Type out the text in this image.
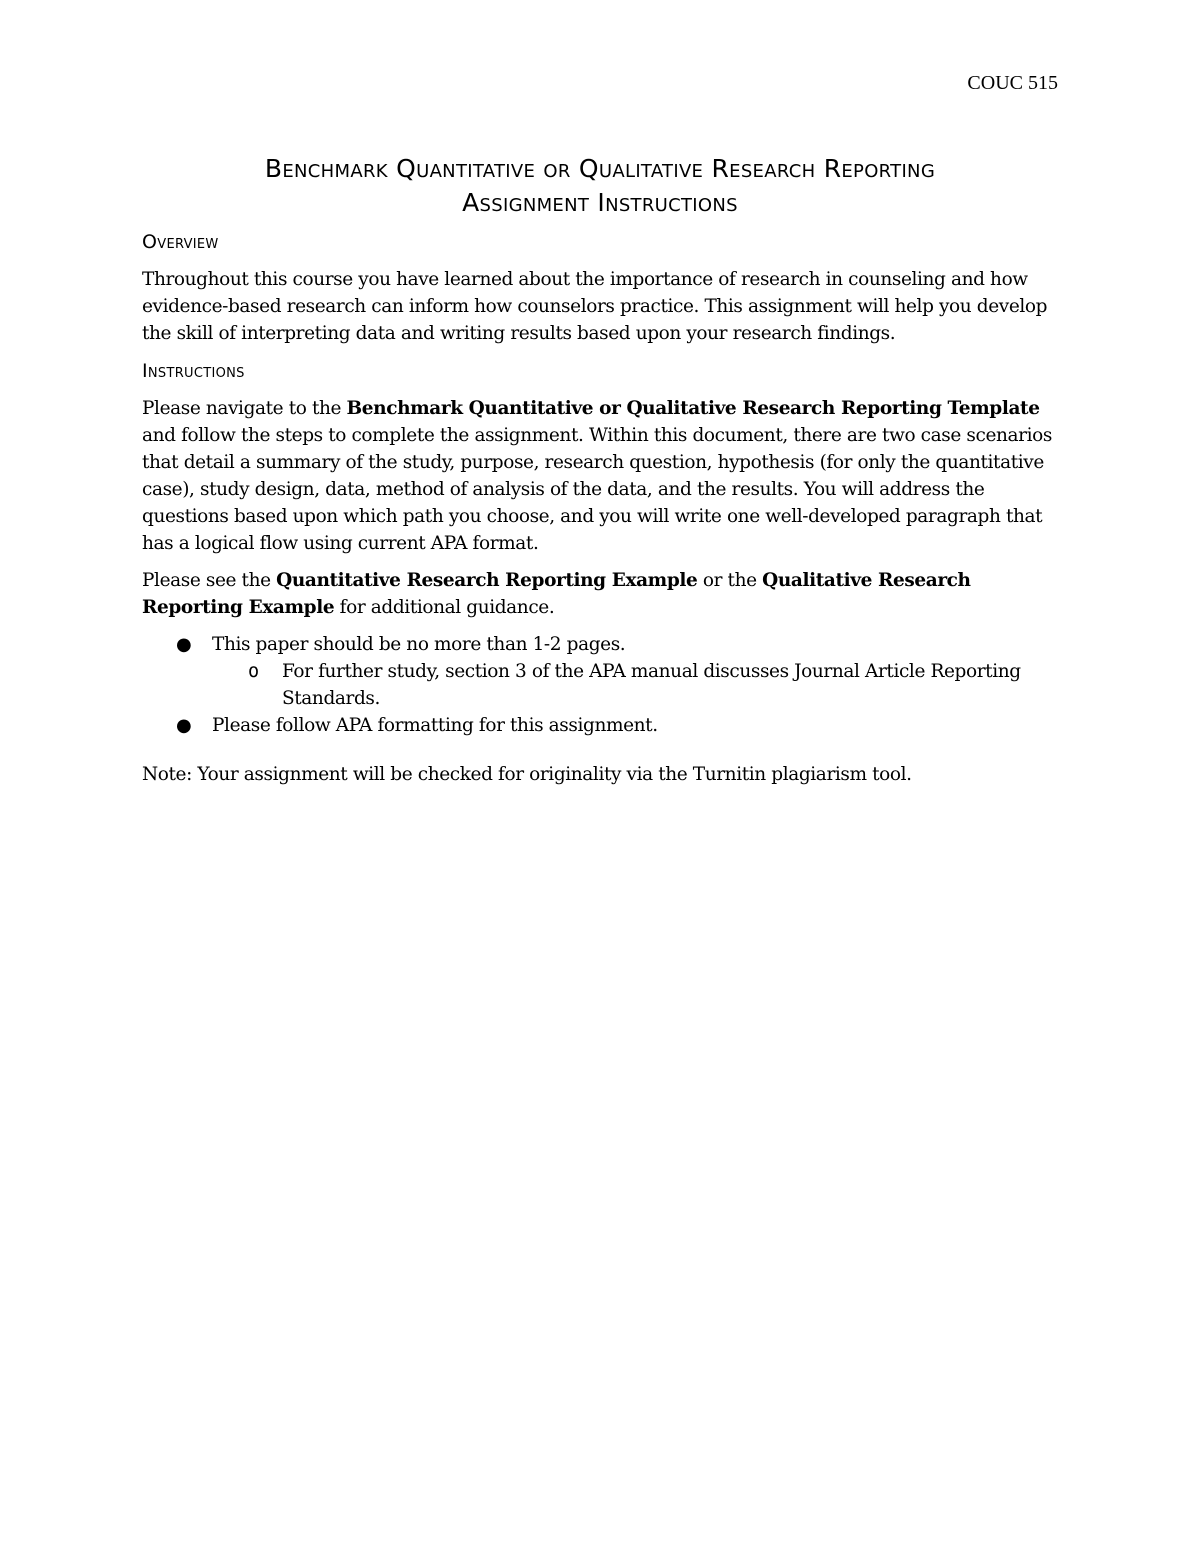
COUC 515
Benchmark Quantitative or Qualitative Research Reporting
Assignment Instructions
Overview

Throughout this course you have learned about the importance of research in counseling and how evidence-based research can inform how counselors practice. This assignment will help you develop the skill of interpreting data and writing results based upon your research findings.

Instructions

Please navigate to the Benchmark Quantitative or Qualitative Research Reporting Template and follow the steps to complete the assignment. Within this document, there are two case scenarios that detail a summary of the study, purpose, research question, hypothesis (for only the quantitative case), study design, data, method of analysis of the data, and the results. You will address the questions based upon which path you choose, and you will write one well-developed paragraph that has a logical flow using current APA format.

Please see the Quantitative Research Reporting Example or the Qualitative Research Reporting Example for additional guidance.

● This paper should be no more than 1-2 pages.
o For further study, section 3 of the APA manual discusses Journal Article Reporting Standards.
● Please follow APA formatting for this assignment.

Note: Your assignment will be checked for originality via the Turnitin plagiarism tool.
